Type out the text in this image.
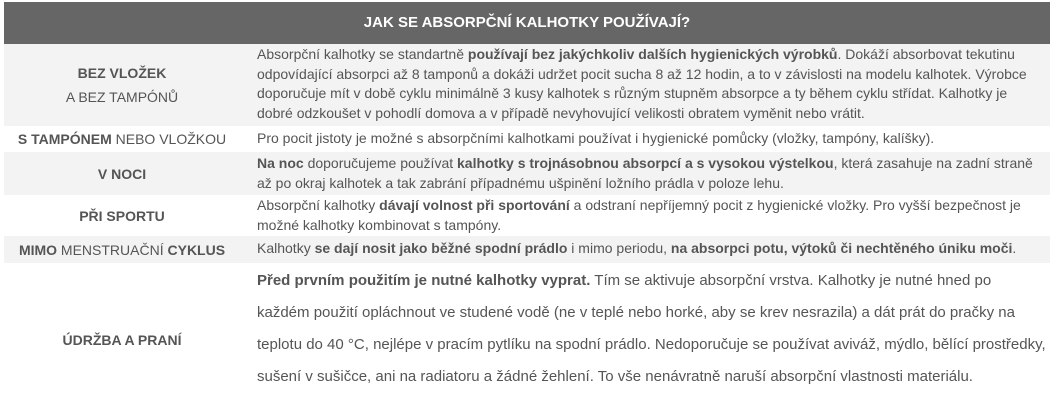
JAK SE ABSORPČNÍ KALHOTKY POUŽÍVAJÍ?
BEZ VLOŽEK
A BEZ TAMPÓNŮ
Absorpční kalhotky se standartně používají bez jakýchkoliv dalších hygienických výrobků. Dokáží absorbovat tekutinu odpovídající absorpci až 8 tamponů a dokáži udržet pocit sucha 8 až 12 hodin, a to v závislosti na modelu kalhotek. Výrobce doporučuje mít v době cyklu minimálně 3 kusy kalhotek s různým stupněm absorpce a ty během cyklu střídat. Kalhotky je dobré odzkoušet v pohodlí domova a v případě nevyhovující velikosti obratem vyměnit nebo vrátit.
S TAMPÓNEM NEBO VLOŽKOU Pro pocit jistoty je možné s absorpčními kalhotkami používat i hygienické pomůcky (vložky, tampóny, kalíšky).
V NOCI
Na noc doporučujeme používat kalhotky s trojnásobnou absorpcí a s vysokou výstelkou, která zasahuje na zadní straně až po okraj kalhotek a tak zabrání případnému ušpinění ložního prádla v poloze lehu.
PŘI SPORTU
Absorpční kalhotky dávají volnost při sportování a odstraní nepříjemný pocit z hygienické vložky. Pro vyšší bezpečnost je možné kalhotky kombinovat s tampóny.
MIMO MENSTRUAČNÍ CYKLUS Kalhotky se dají nosit jako běžné spodní prádlo i mimo periodu, na absorpci potu, výtoků či nechtěného úniku moči.
ÚDRŽBA A PRANÍ
Před prvním použitím je nutné kalhotky vyprat. Tím se aktivuje absorpční vrstva. Kalhotky je nutné hned po každém použití opláchnout ve studené vodě (ne v teplé nebo horké, aby se krev nesrazila) a dát prát do pračky na teplotu do 40 °C, nejlépe v pracím pytlíku na spodní prádlo. Nedoporučuje se používat aviváž, mýdlo, bělící prostředky, sušení v sušičce, ani na radiatoru a žádné žehlení. To vše nenávratně naruší absorpční vlastnosti materiálu.
